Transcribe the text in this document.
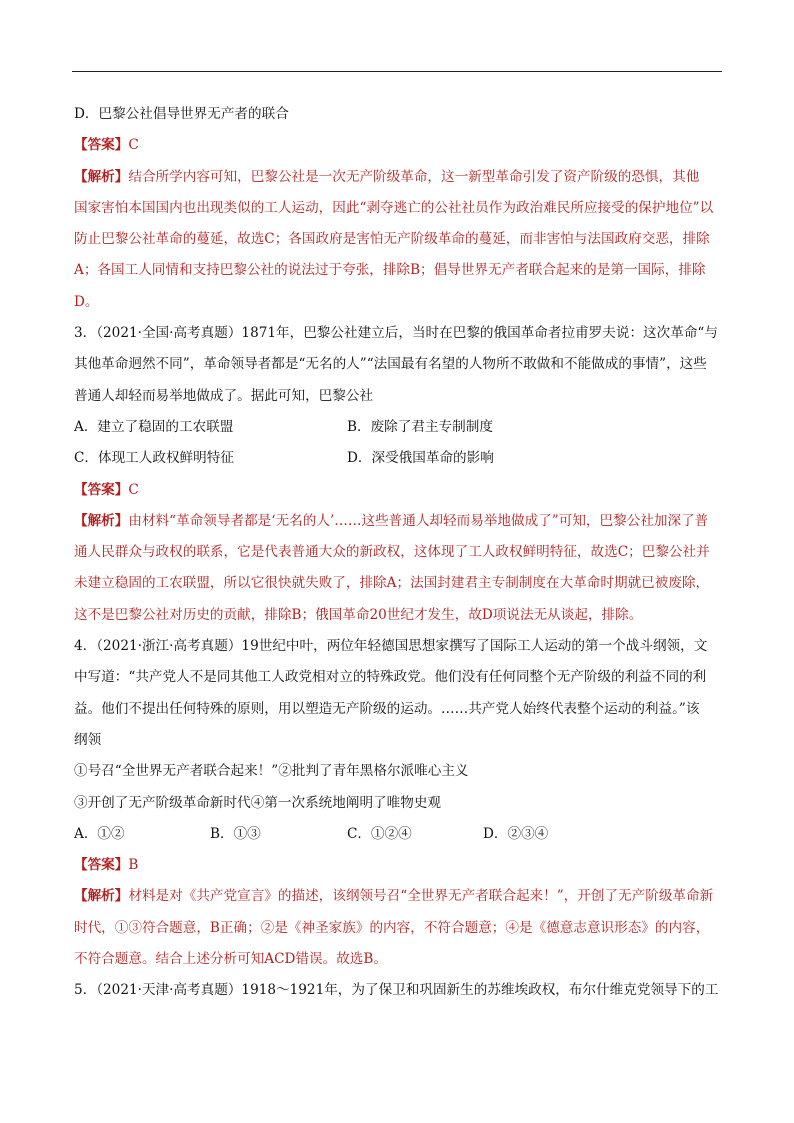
D．巴黎公社倡导世界无产者的联合
【答案】C
【解析】结合所学内容可知，巴黎公社是一次无产阶级革命，这一新型革命引发了资产阶级的恐惧，其他
国家害怕本国国内也出现类似的工人运动，因此“剥夺逃亡的公社社员作为政治难民所应接受的保护地位”以
防止巴黎公社革命的蔓延，故选C；各国政府是害怕无产阶级革命的蔓延，而非害怕与法国政府交恶，排除
A；各国工人同情和支持巴黎公社的说法过于夸张，排除B；倡导世界无产者联合起来的是第一国际，排除
D。
3．（2021·全国·高考真题）1871年，巴黎公社建立后，当时在巴黎的俄国革命者拉甫罗夫说：这次革命“与
其他革命迥然不同”，革命领导者都是“无名的人”“法国最有名望的人物所不敢做和不能做成的事情”，这些
普通人却轻而易举地做成了。据此可知，巴黎公社
A．建立了稳固的工农联盟	B．废除了君主专制制度
C．体现工人政权鲜明特征	D．深受俄国革命的影响
【答案】C
【解析】由材料“革命领导者都是‘无名的人’……这些普通人却轻而易举地做成了”可知，巴黎公社加深了普
通人民群众与政权的联系，它是代表普通大众的新政权，这体现了工人政权鲜明特征，故选C；巴黎公社并
未建立稳固的工农联盟，所以它很快就失败了，排除A；法国封建君主专制制度在大革命时期就已被废除，
这不是巴黎公社对历史的贡献，排除B；俄国革命20世纪才发生，故D项说法无从谈起，排除。
4．（2021·浙江·高考真题）19世纪中叶，两位年轻德国思想家撰写了国际工人运动的第一个战斗纲领，文
中写道：“共产党人不是同其他工人政党相对立的特殊政党。他们没有任何同整个无产阶级的利益不同的利
益。他们不提出任何特殊的原则，用以塑造无产阶级的运动。……共产党人始终代表整个运动的利益。”该
纲领
①号召“全世界无产者联合起来！”②批判了青年黑格尔派唯心主义
③开创了无产阶级革命新时代④第一次系统地阐明了唯物史观
A．①②	B．①③	C．①②④	D．②③④
【答案】B
【解析】材料是对《共产党宣言》的描述，该纲领号召“全世界无产者联合起来！”，开创了无产阶级革命新
时代，①③符合题意，B正确；②是《神圣家族》的内容，不符合题意；④是《德意志意识形态》的内容，
不符合题意。结合上述分析可知ACD错误。故选B。
5．（2021·天津·高考真题）1918～1921年，为了保卫和巩固新生的苏维埃政权，布尔什维克党领导下的工
